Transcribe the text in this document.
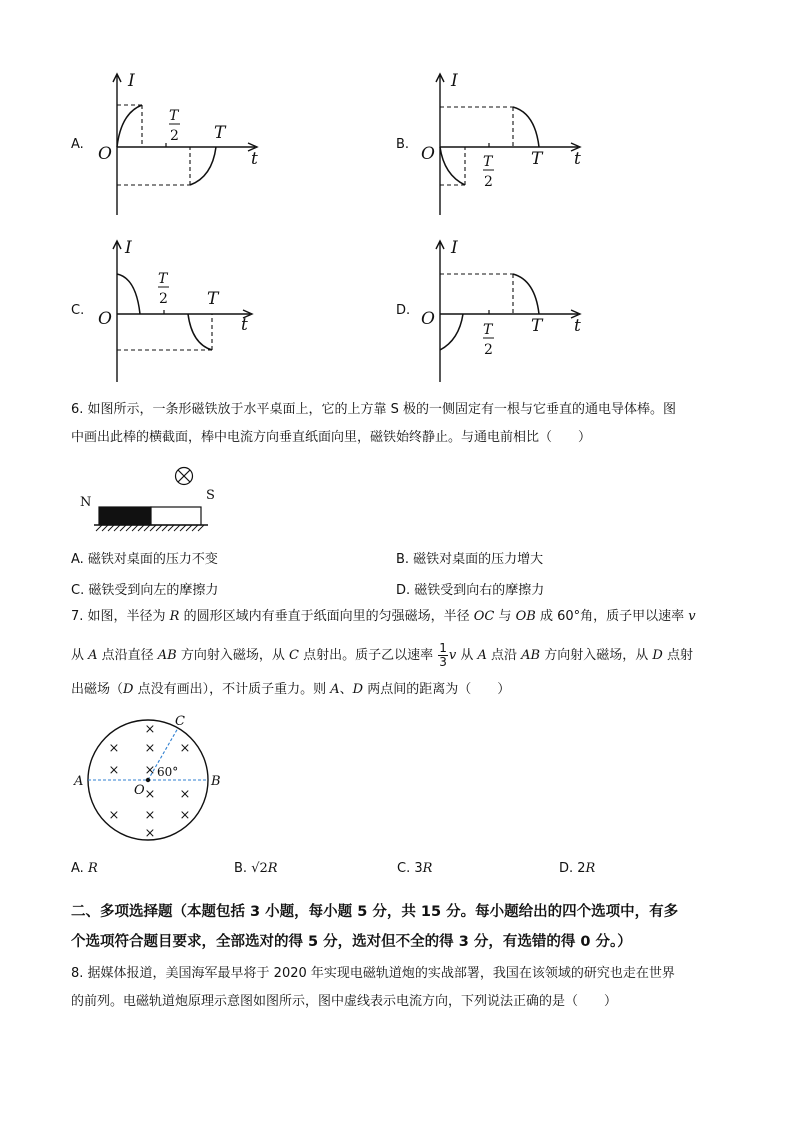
A.
I
t
O
T
2 T
B.
I
t
O	T
2
T
C.
I
t
O
T
2 T
D.
I
t
O
T
2
T
6. 如图所示，一条形磁铁放于水平桌面上，它的上方靠 S 极的一侧固定有一根与它垂直的通电导体棒。图
中画出此棒的横截面，棒中电流方向垂直纸面向里，磁铁始终静止。与通电前相比（　　）
N	S
A. 磁铁对桌面的压力不变	B. 磁铁对桌面的压力增大
C. 磁铁受到向左的摩擦力	D. 磁铁受到向右的摩擦力
7. 如图，半径为 R 的圆形区域内有垂直于纸面向里的匀强磁场，半径 OC 与 OB 成 60°角，质子甲以速率 v
从 A 点沿直径 AB 方向射入磁场，从 C 点射出。质子乙以速率 $\frac{1}{3}$ v 从 A 点沿 AB 方向射入磁场，从 D 点射
出磁场（D 点没有画出），不计质子重力。则 A、D 两点间的距离为（　　）
×
× × ×
× ×
×
× ×
×
×
×
A	B
C
O
60°
A. R	B. √2R	C. 3R	D. 2R
二、多项选择题（本题包括 3 小题，每小题 5 分，共 15 分。每小题给出的四个选项中，有多
个选项符合题目要求，全部选对的得 5 分，选对但不全的得 3 分，有选错的得 0 分。）
8. 据媒体报道，美国海军最早将于 2020 年实现电磁轨道炮的实战部署，我国在该领域的研究也走在世界
的前列。电磁轨道炮原理示意图如图所示，图中虚线表示电流方向，下列说法正确的是（　　）
